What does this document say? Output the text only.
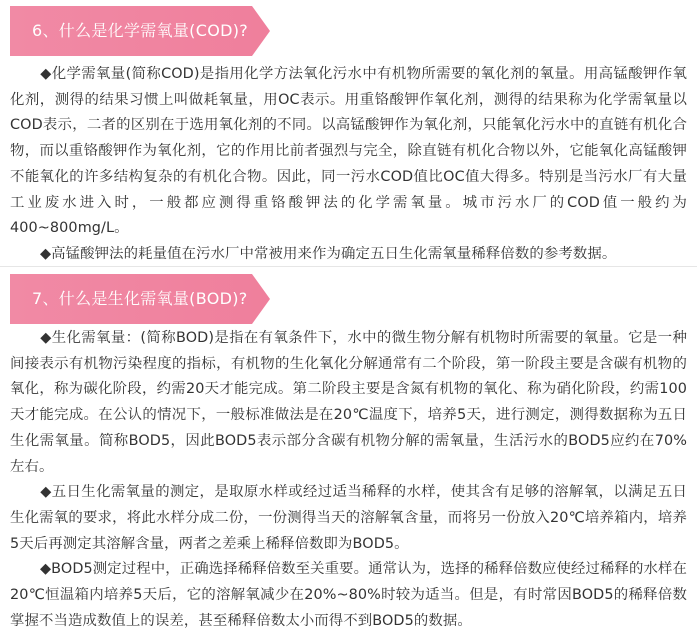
6、什么是化学需氧量(COD)?

◆化学需氧量(简称COD)是指用化学方法氧化污水中有机物所需要的氧化剂的氧量。用高锰酸钾作氧化剂，测得的结果习惯上叫做耗氧量，用OC表示。用重铬酸钾作氧化剂，测得的结果称为化学需氧量以COD表示，二者的区别在于选用氧化剂的不同。以高锰酸钾作为氧化剂，只能氧化污水中的直链有机化合物，而以重铬酸钾作为氧化剂，它的作用比前者强烈与完全，除直链有机化合物以外，它能氧化高锰酸钾不能氧化的许多结构复杂的有机化合物。因此，同一污水COD值比OC值大得多。特别是当污水厂有大量工业废水进入时，一般都应测得重铬酸钾法的化学需氧量。城市污水厂的COD值一般约为400~800mg/L。

◆高锰酸钾法的耗量值在污水厂中常被用来作为确定五日生化需氧量稀释倍数的参考数据。

7、什么是生化需氧量(BOD)?

◆生化需氧量：(简称BOD)是指在有氧条件下，水中的微生物分解有机物时所需要的氧量。它是一种间接表示有机物污染程度的指标，有机物的生化氧化分解通常有二个阶段，第一阶段主要是含碳有机物的氧化，称为碳化阶段，约需20天才能完成。第二阶段主要是含氮有机物的氧化、称为硝化阶段，约需100天才能完成。在公认的情况下，一般标准做法是在20℃温度下，培养5天，进行测定，测得数据称为五日生化需氧量。简称BOD5，因此BOD5表示部分含碳有机物分解的需氧量，生活污水的BOD5应约在70%左右。

◆五日生化需氧量的测定，是取原水样或经过适当稀释的水样，使其含有足够的溶解氧，以满足五日生化需氧的要求，将此水样分成二份，一份测得当天的溶解氧含量，而将另一份放入20℃培养箱内，培养5天后再测定其溶解含量，两者之差乘上稀释倍数即为BOD5。

◆BOD5测定过程中，正确选择稀释倍数至关重要。通常认为，选择的稀释倍数应使经过稀释的水样在20℃恒温箱内培养5天后，它的溶解氧减少在20%~80%时较为适当。但是，有时常因BOD5的稀释倍数掌握不当造成数值上的误差，甚至稀释倍数太小而得不到BOD5的数据。
